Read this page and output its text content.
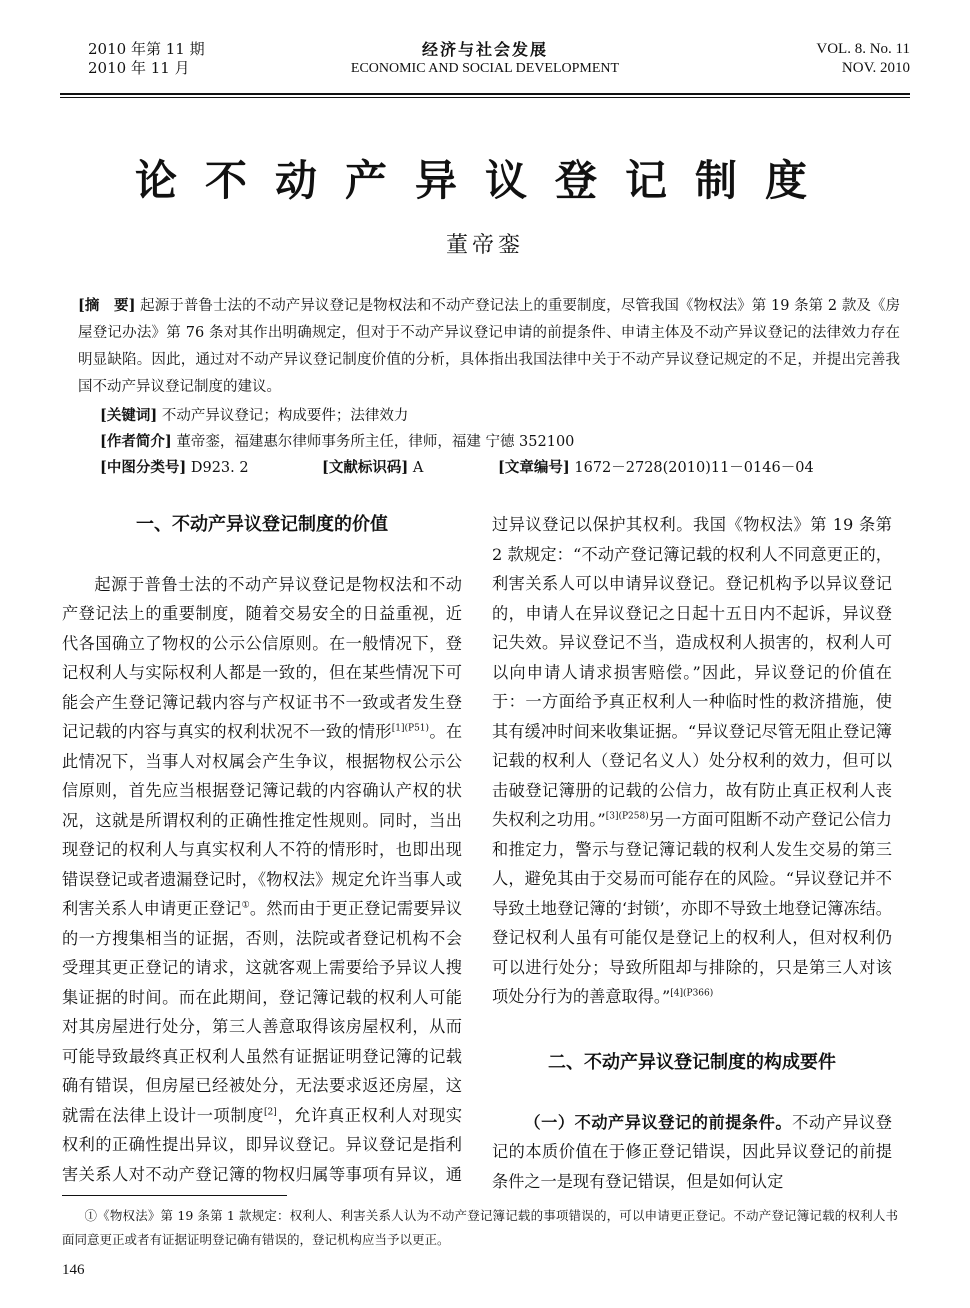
2010 年第 11 期
2010 年 11 月
经济与社会发展
ECONOMIC AND SOCIAL DEVELOPMENT
VOL. 8. No. 11
NOV. 2010
论不动产异议登记制度
董帝銮
[摘　要] 起源于普鲁士法的不动产异议登记是物权法和不动产登记法上的重要制度，尽管我国《物权法》第 19 条第 2 款及《房屋登记办法》第 76 条对其作出明确规定，但对于不动产异议登记申请的前提条件、申请主体及不动产异议登记的法律效力存在明显缺陷。因此，通过对不动产异议登记制度价值的分析，具体指出我国法律中关于不动产异议登记规定的不足，并提出完善我国不动产异议登记制度的建议。
[关键词] 不动产异议登记；构成要件；法律效力
[作者简介] 董帝銮，福建惠尔律师事务所主任，律师，福建 宁德 352100
[中图分类号] D923. 2	[文献标识码] A	[文章编号] 1672－2728(2010)11－0146－04
一、不动产异议登记制度的价值

起源于普鲁士法的不动产异议登记是物权法和不动产登记法上的重要制度，随着交易安全的日益重视，近代各国确立了物权的公示公信原则。在一般情况下，登记权利人与实际权利人都是一致的，但在某些情况下可能会产生登记簿记载内容与产权证书不一致或者发生登记记载的内容与真实的权利状况不一致的情形$^{[1](P51)}$。在此情况下，当事人对权属会产生争议，根据物权公示公信原则，首先应当根据登记簿记载的内容确认产权的状况，这就是所谓权利的正确性推定性规则。同时，当出现登记的权利人与真实权利人不符的情形时，也即出现错误登记或者遗漏登记时，《物权法》规定允许当事人或利害关系人申请更正登记①。然而由于更正登记需要异议的一方搜集相当的证据，否则，法院或者登记机构不会受理其更正登记的请求，这就客观上需要给予异议人搜集证据的时间。而在此期间，登记簿记载的权利人可能对其房屋进行处分，第三人善意取得该房屋权利，从而可能导致最终真正权利人虽然有证据证明登记簿的记载确有错误，但房屋已经被处分，无法要求返还房屋，这就需在法律上设计一项制度[2]，允许真正权利人对现实权利的正确性提出异议，即异议登记。异议登记是指利害关系人对不动产登记簿的物权归属等事项有异议，通过异议登记以保护其权利。我国《物权法》第 19 条第 2 款规定：“不动产登记簿记载的权利人不同意更正的，利害关系人可以申请异议登记。登记机构予以异议登记的，申请人在异议登记之日起十五日内不起诉，异议登记失效。异议登记不当，造成权利人损害的，权利人可以向申请人请求损害赔偿。”因此，异议登记的价值在于：一方面给予真正权利人一种临时性的救济措施，使其有缓冲时间来收集证据。“异议登记尽管无阻止登记簿记载的权利人（登记名义人）处分权利的效力，但可以击破登记簿册的记载的公信力，故有防止真正权利人丧失权利之功用。”$^{[3](P258)}$另一方面可阻断不动产登记公信力和推定力，警示与登记簿记载的权利人发生交易的第三人，避免其由于交易而可能存在的风险。“异议登记并不导致土地登记簿的‘封锁’，亦即不导致土地登记簿冻结。登记权利人虽有可能仅是登记上的权利人，但对权利仍可以进行处分；导致所阻却与排除的，只是第三人对该项处分行为的善意取得。”$^{[4](P366)}$

二、不动产异议登记制度的构成要件

（一）不动产异议登记的前提条件。不动产异议登记的本质价值在于修正登记错误，因此异议登记的前提条件之一是现有登记错误，但是如何认定

①《物权法》第 19 条第 1 款规定：权利人、利害关系人认为不动产登记簿记载的事项错误的，可以申请更正登记。不动产登记簿记载的权利人书面同意更正或者有证据证明登记确有错误的，登记机构应当予以更正。
146
